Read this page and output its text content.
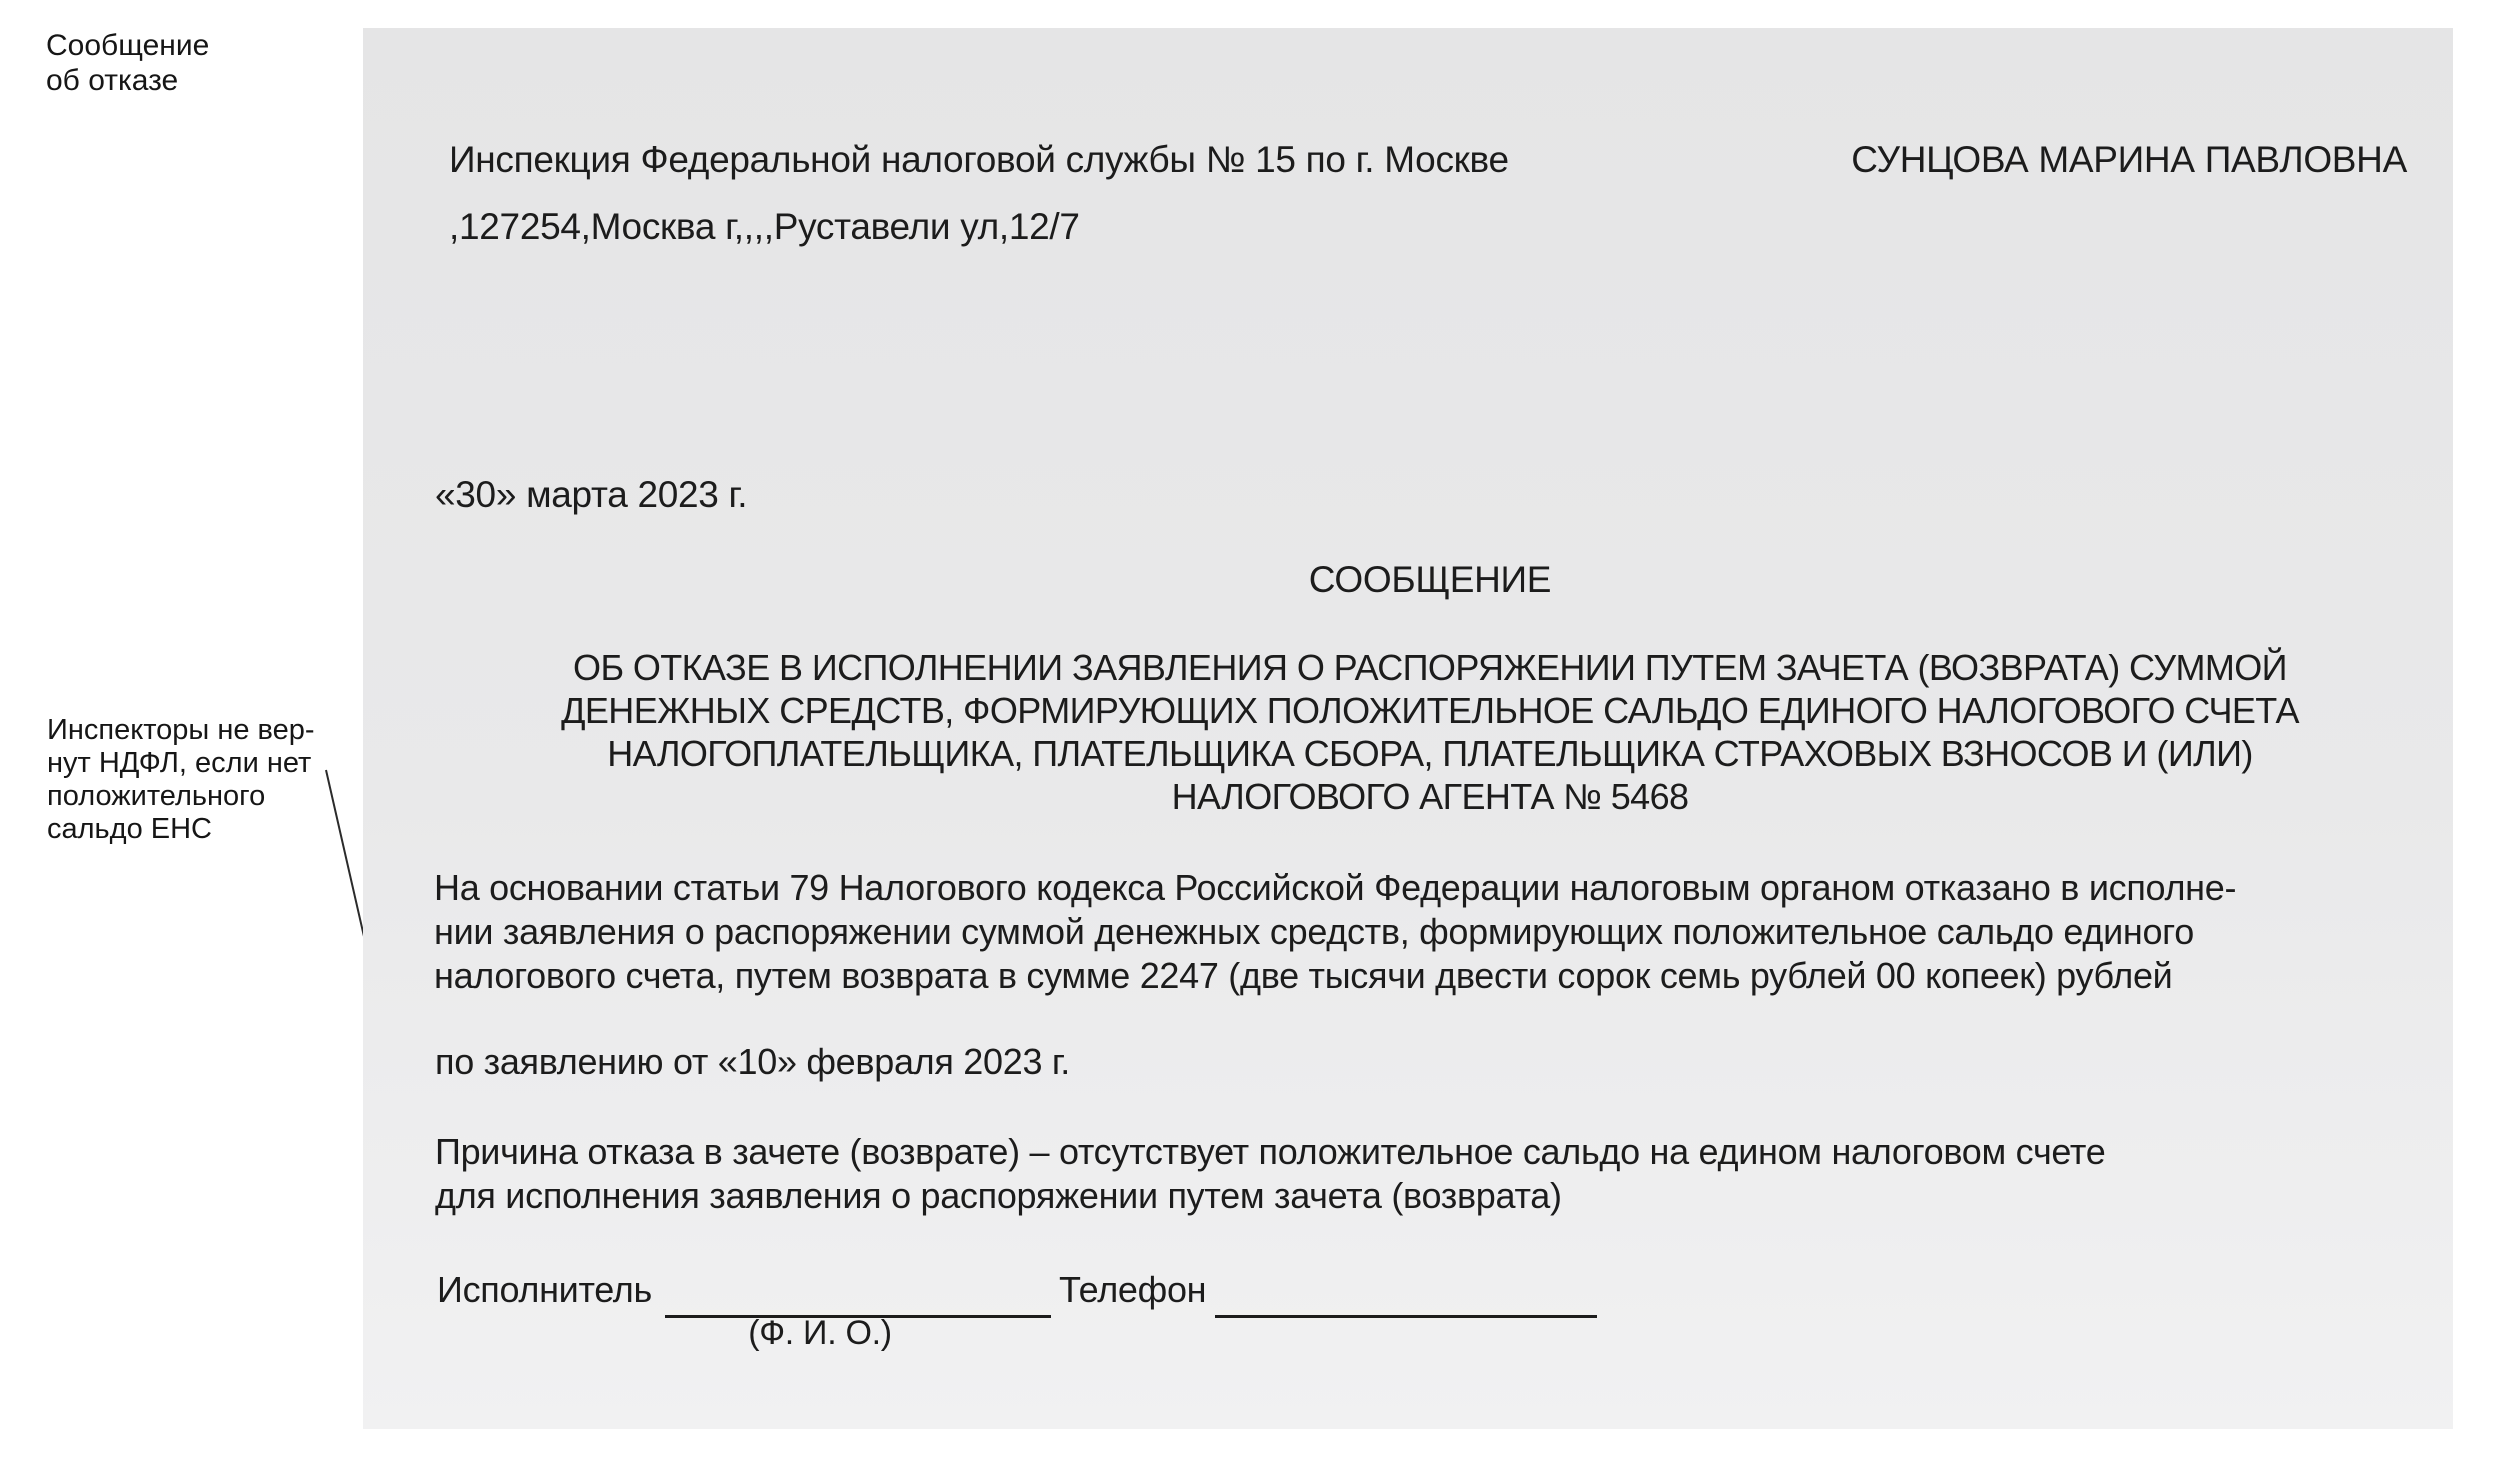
Сообщение
об отказе
Инспекторы не вер-
нут НДФЛ, если нет
положительного
сальдо ЕНС
Инспекция Федеральной налоговой службы № 15 по г. Москве
,127254,Москва г,,,,Руставели ул,12/7
СУНЦОВА МАРИНА ПАВЛОВНА
«30» марта 2023 г.
СООБЩЕНИЕ
ОБ ОТКАЗЕ В ИСПОЛНЕНИИ ЗАЯВЛЕНИЯ О РАСПОРЯЖЕНИИ ПУТЕМ ЗАЧЕТА (ВОЗВРАТА) СУММОЙ
ДЕНЕЖНЫХ СРЕДСТВ, ФОРМИРУЮЩИХ ПОЛОЖИТЕЛЬНОЕ САЛЬДО ЕДИНОГО НАЛОГОВОГО СЧЕТА
НАЛОГОПЛАТЕЛЬЩИКА, ПЛАТЕЛЬЩИКА СБОРА, ПЛАТЕЛЬЩИКА СТРАХОВЫХ ВЗНОСОВ И (ИЛИ)
НАЛОГОВОГО АГЕНТА № 5468
На основании статьи 79 Налогового кодекса Российской Федерации налоговым органом отказано в исполне-
нии заявления о распоряжении суммой денежных средств, формирующих положительное сальдо единого
налогового счета, путем возврата в сумме 2247 (две тысячи двести сорок семь рублей 00 копеек) рублей
по заявлению от «10» февраля 2023 г.
Причина отказа в зачете (возврате) – отсутствует положительное сальдо на едином налоговом счете
для исполнения заявления о распоряжении путем зачета (возврата)
Исполнитель	Телефон
(Ф. И. О.)
